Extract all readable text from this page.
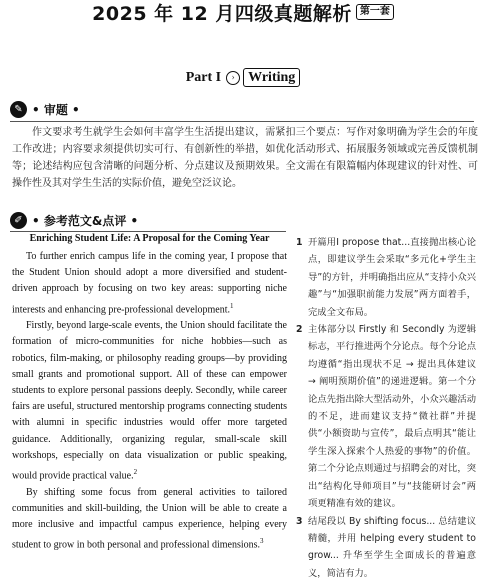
2025 年 12 月四级真题解析 第一套
Part I	› Writing
✎ • 审题 •

作文要求考生就学生会如何丰富学生生活提出建议，需紧扣三个要点：写作对象明确为学生会的年度工作改进；内容要求须提供切实可行、有创新性的举措，如优化活动形式、拓展服务领域或完善反馈机制等；论述结构应包含清晰的问题分析、分点建议及预期效果。全文需在有限篇幅内体现建议的针对性、可操作性及其对学生生活的实际价值，避免空泛议论。

✐ • 参考范文&点评 •
Enriching Student Life: A Proposal for the Coming Year

To further enrich campus life in the coming year, I propose that the Student Union should adopt a more diversified and student-driven approach by focusing on two key areas: supporting niche interests and enhancing pre-professional development.$^1$

Firstly, beyond large-scale events, the Union should facilitate the formation of micro-communities for niche hobbies—such as robotics, film-making, or philosophy reading groups—by providing small grants and promotional support. All of these can empower students to explore personal passions deeply. Secondly, while career fairs are useful, structured mentorship programs connecting students with alumni in specific industries would offer more targeted guidance. Additionally, organizing regular, small-scale skill workshops, especially on data visualization or public speaking, would provide practical value.$^2$

By shifting some focus from general activities to tailored communities and skill-building, the Union will be able to create a more inclusive and impactful campus experience, helping every student to grow in both personal and professional dimensions.$^3$

1 开篇用I propose that...直接抛出核心论点，即建议学生会采取“多元化+学生主导”的方针，并明确指出应从“支持小众兴趣”与“加强职前能力发展”两方面着手，完成全文布局。
2 主体部分以 Firstly 和 Secondly 为逻辑标志，平行推进两个分论点。每个分论点均遵循“指出现状不足 → 提出具体建议 → 阐明预期价值”的递进逻辑。第一个分论点先指出除大型活动外，小众兴趣活动的不足，进而建议支持“微社群”并提供“小额资助与宣传”，最后点明其“能让学生深入探索个人热爱的事物”的价值。第二个分论点则通过与招聘会的对比，突出“结构化导师项目”与“技能研讨会”两项更精准有效的建议。
3 结尾段以 By shifting focus... 总结建议精髓，并用 helping every student to grow... 升华至学生全面成长的普遍意义，简洁有力。
